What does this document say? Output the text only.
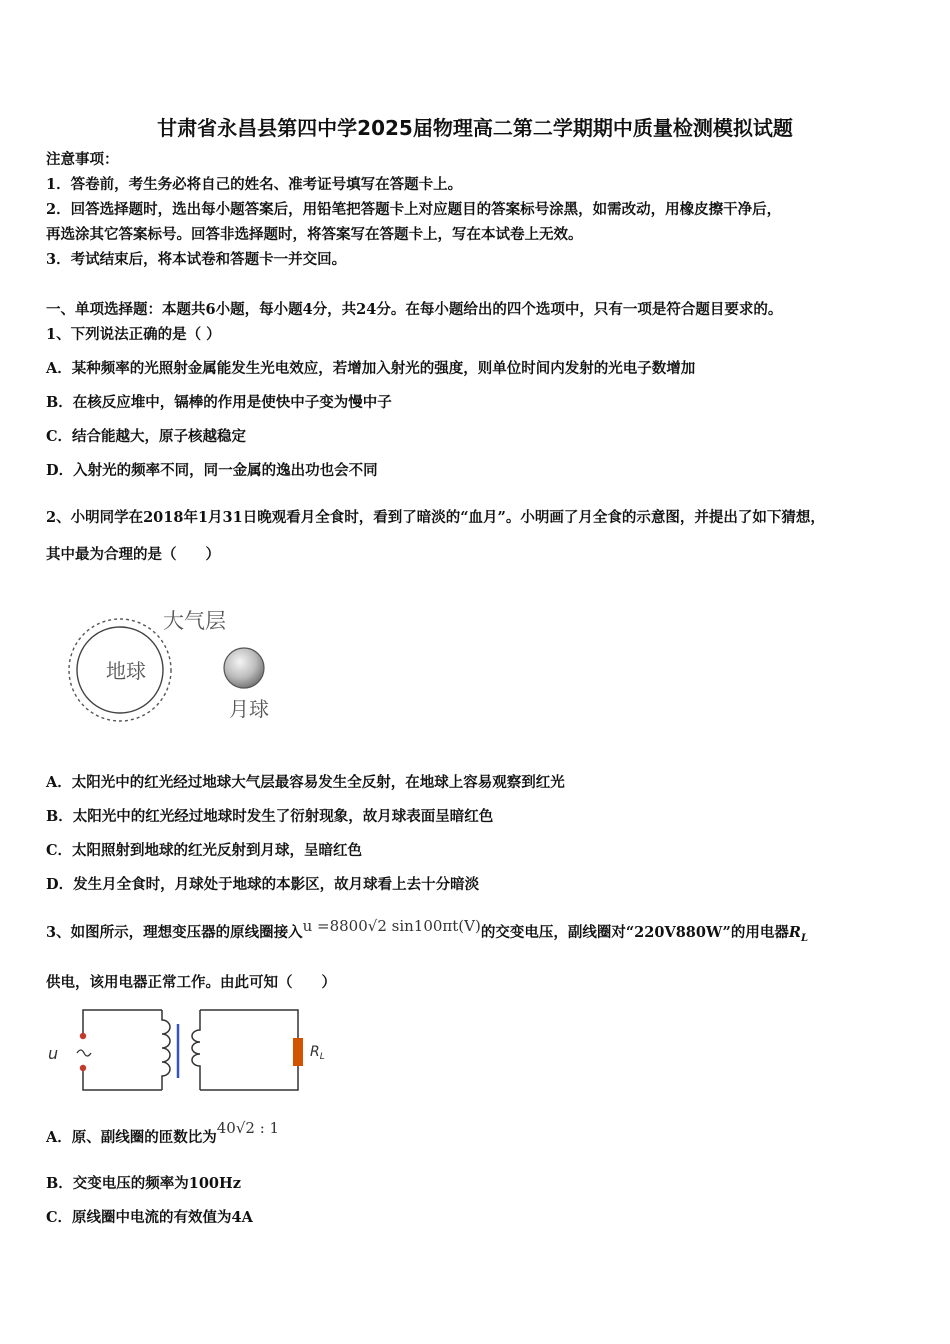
甘肃省永昌县第四中学2025届物理高二第二学期期中质量检测模拟试题
注意事项：
1．答卷前，考生务必将自己的姓名、准考证号填写在答题卡上。
2．回答选择题时，选出每小题答案后，用铅笔把答题卡上对应题目的答案标号涂黑，如需改动，用橡皮擦干净后，
再选涂其它答案标号。回答非选择题时，将答案写在答题卡上，写在本试卷上无效。
3．考试结束后，将本试卷和答题卡一并交回。
一、单项选择题：本题共6小题，每小题4分，共24分。在每小题给出的四个选项中，只有一项是符合题目要求的。
1、下列说法正确的是（ ）
A．某种频率的光照射金属能发生光电效应，若增加入射光的强度，则单位时间内发射的光电子数增加
B．在核反应堆中，镉棒的作用是使快中子变为慢中子
C．结合能越大，原子核越稳定
D．入射光的频率不同，同一金属的逸出功也会不同
2、小明同学在2018年1月31日晚观看月全食时，看到了暗淡的“血月”。小明画了月全食的示意图，并提出了如下猜想，
其中最为合理的是（　　）
地球
大气层
月球
A．太阳光中的红光经过地球大气层最容易发生全反射，在地球上容易观察到红光
B．太阳光中的红光经过地球时发生了衍射现象，故月球表面呈暗红色
C．太阳照射到地球的红光反射到月球，呈暗红色
D．发生月全食时，月球处于地球的本影区，故月球看上去十分暗淡
3、如图所示，理想变压器的原线圈接入u =8800√2 sin100πt(V)的交变电压，副线圈对“220V880W”的用电器$R_L$
供电，该用电器正常工作。由此可知（　　）
u	$R_L$
A．原、副线圈的匝数比为40√2 : 1
B．交变电压的频率为100Hz
C．原线圈中电流的有效值为4A
